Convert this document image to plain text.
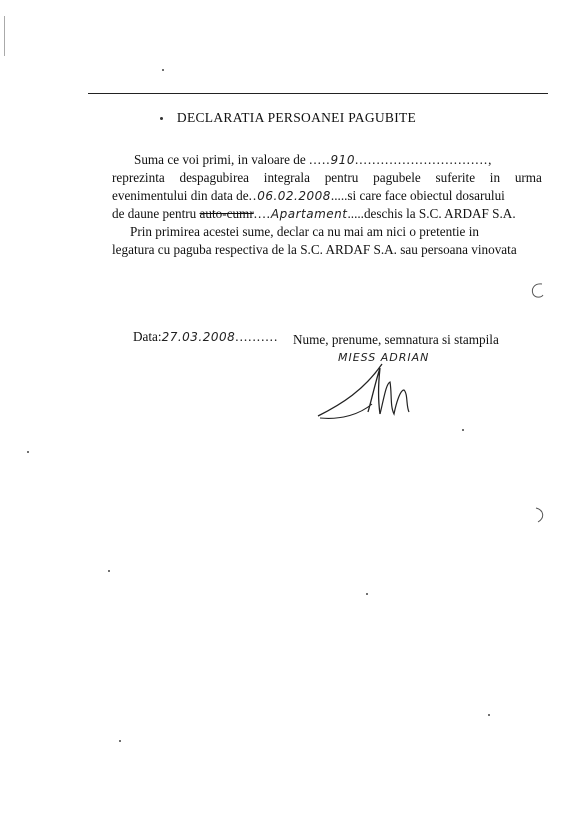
DECLARATIA PERSOANEI PAGUBITE
Suma ce voi primi, in valoare de .....910...............................,
reprezinta despagubirea integrala pentru pagubele suferite in urma
evenimentului din data de..06.02.2008.....si care face obiectul dosarului
de daune pentru auto-cumr....Apartament.....deschis la S.C. ARDAF S.A.
Prin primirea acestei sume, declar ca nu mai am nici o pretentie in
legatura cu paguba respectiva de la S.C. ARDAF S.A. sau persoana vinovata
Data:27.03.2008.......... Nume, prenume, semnatura si stampila
MIESS ADRIAN
